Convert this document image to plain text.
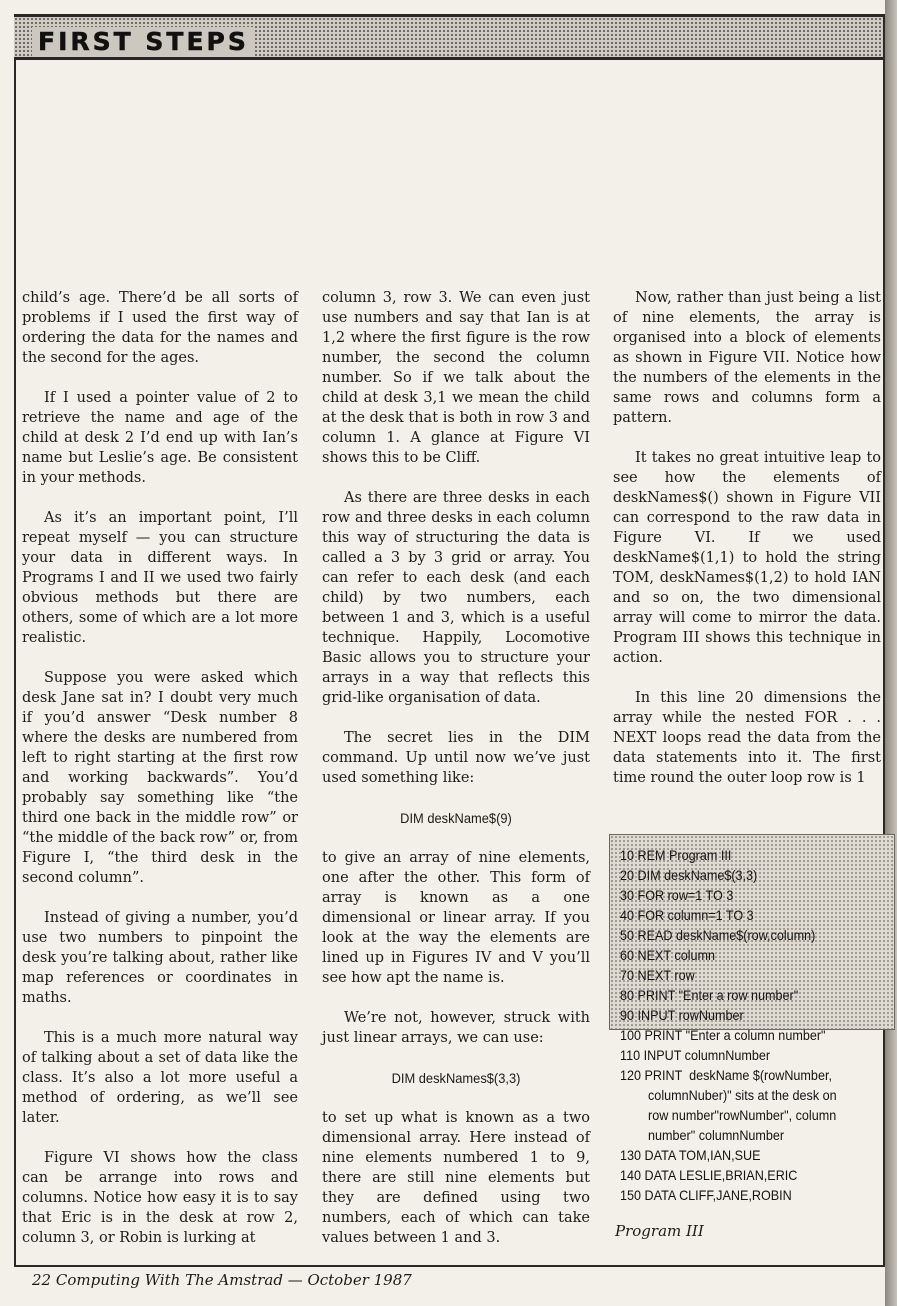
FIRST STEPS

child’s age. There’d be all sorts of problems if I used the first way of ordering the data for the names and the second for the ages.

If I used a pointer value of 2 to retrieve the name and age of the child at desk 2 I’d end up with Ian’s name but Leslie’s age. Be consistent in your methods.

As it’s an important point, I’ll repeat myself — you can structure your data in different ways. In Programs I and II we used two fairly obvious methods but there are others, some of which are a lot more realistic.

Suppose you were asked which desk Jane sat in? I doubt very much if you’d answer “Desk number 8 where the desks are numbered from left to right starting at the first row and working backwards”. You’d probably say something like “the third one back in the middle row” or “the middle of the back row” or, from Figure I, “the third desk in the second column”.

Instead of giving a number, you’d use two numbers to pinpoint the desk you’re talking about, rather like map references or coordinates in maths.

This is a much more natural way of talking about a set of data like the class. It’s also a lot more useful a method of ordering, as we’ll see later.

Figure VI shows how the class can be arrange into rows and columns. Notice how easy it is to say that Eric is in the desk at row 2, column 3, or Robin is lurking at

column 3, row 3. We can even just use numbers and say that Ian is at 1,2 where the first figure is the row number, the second the column number. So if we talk about the child at desk 3,1 we mean the child at the desk that is both in row 3 and column 1. A glance at Figure VI shows this to be Cliff.

As there are three desks in each row and three desks in each column this way of structuring the data is called a 3 by 3 grid or array. You can refer to each desk (and each child) by two numbers, each between 1 and 3, which is a useful technique. Happily, Locomotive Basic allows you to structure your arrays in a way that reflects this grid-like organisation of data.

The secret lies in the DIM command. Up until now we’ve just used something like:

DIM deskName$(9)

to give an array of nine elements, one after the other. This form of array is known as a one dimensional or linear array. If you look at the way the elements are lined up in Figures IV and V you’ll see how apt the name is.

We’re not, however, struck with just linear arrays, we can use:

DIM deskNames$(3,3)

to set up what is known as a two dimensional array. Here instead of nine elements numbered 1 to 9, there are still nine elements but they are defined using two numbers, each of which can take values between 1 and 3.

Now, rather than just being a list of nine elements, the array is organised into a block of elements as shown in Figure VII. Notice how the numbers of the elements in the same rows and columns form a pattern.

It takes no great intuitive leap to see how the elements of deskNames$() shown in Figure VII can correspond to the raw data in Figure VI. If we used deskName$(1,1) to hold the string TOM, deskNames$(1,2) to hold IAN and so on, the two dimensional array will come to mirror the data. Program III shows this technique in action.

In this line 20 dimensions the array while the nested FOR . . . NEXT loops read the data from the data statements into it. The first time round the outer loop row is 1

10 REM Program III
20 DIM deskName$(3,3)
30 FOR row=1 TO 3
40 FOR column=1 TO 3
50 READ deskName$(row,column)
60 NEXT column
70 NEXT row
80 PRINT "Enter a row number"
90 INPUT rowNumber
100 PRINT "Enter a column number"
110 INPUT columnNumber
120 PRINT  deskName $(rowNumber,
columnNuber)" sits at the desk on
row number"rowNumber", column
number" columnNumber
130 DATA TOM,IAN,SUE
140 DATA LESLIE,BRIAN,ERIC
150 DATA CLIFF,JANE,ROBIN
Program III
22 Computing With The Amstrad — October 1987
